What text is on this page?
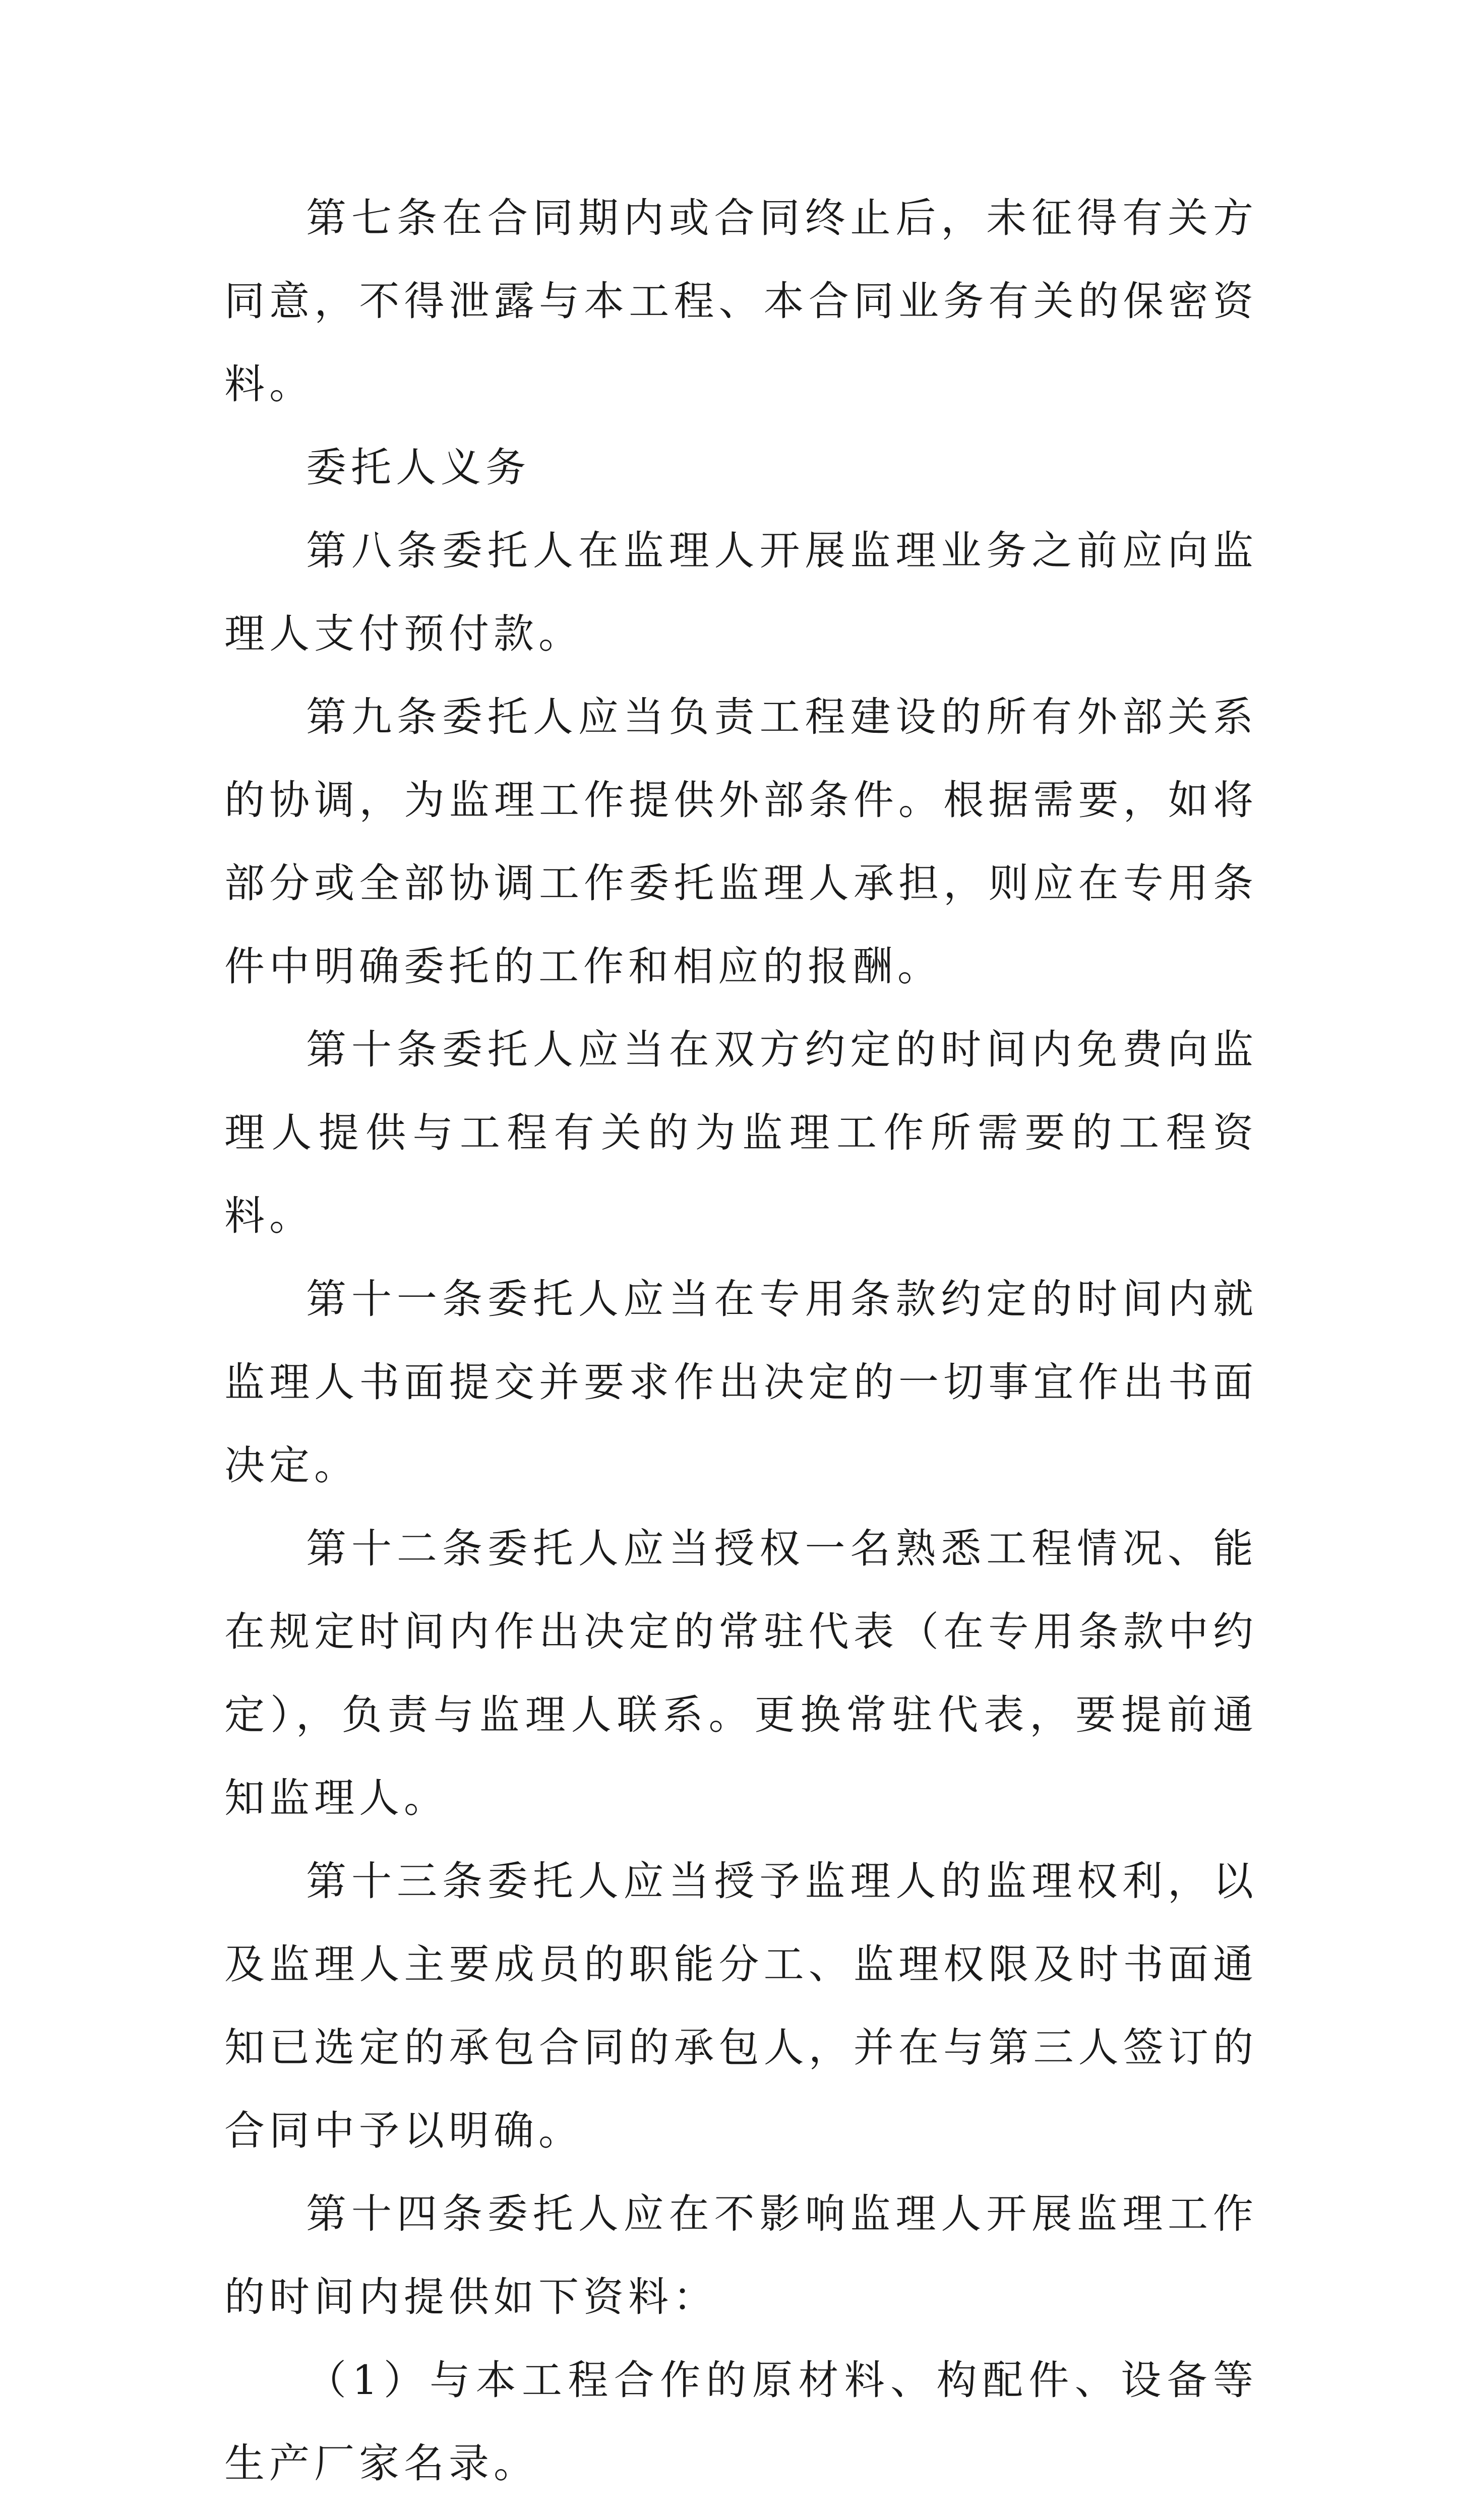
第七条在合同期内或合同终止后，未征得有关方同意，不得泄露与本工程、本合同业务有关的保密资料。

委托人义务

第八条委托人在监理人开展监理业务之前应向监理人支付预付款。

第九条委托人应当负责工程建设的所有外部关系的协调，为监理工作提供外部条件。根据需要，如将部分或全部协调工作委托监理人承担，则应在专用条件中明确委托的工作和相应的报酬。

第十条委托人应当在双方约定的时间内免费向监理人提供与工程有关的为监理工作所需要的工程资料。

第十一条委托人应当在专用条款约定的时间内就监理人书面提交并要求作出决定的一切事宜作出书面决定。

第十二条委托人应当授权一名熟悉工程情况、能在规定时间内作出决定的常驻代表（在专用条款中约定），负责与监理人联系。更换常驻代表，要提前通知监理人。

第十三条委托人应当授予监理人的监理权利，以及监理人主要成员的职能分工、监理权限及时书面通知已选定的承包合同的承包人，并在与第三人签订的合同中予以明确。

第十四条委托人应在不影响监理人开展监理工作的时间内提供如下资料：

（1）与本工程合作的原材料、构配件、设备等生产厂家名录。
